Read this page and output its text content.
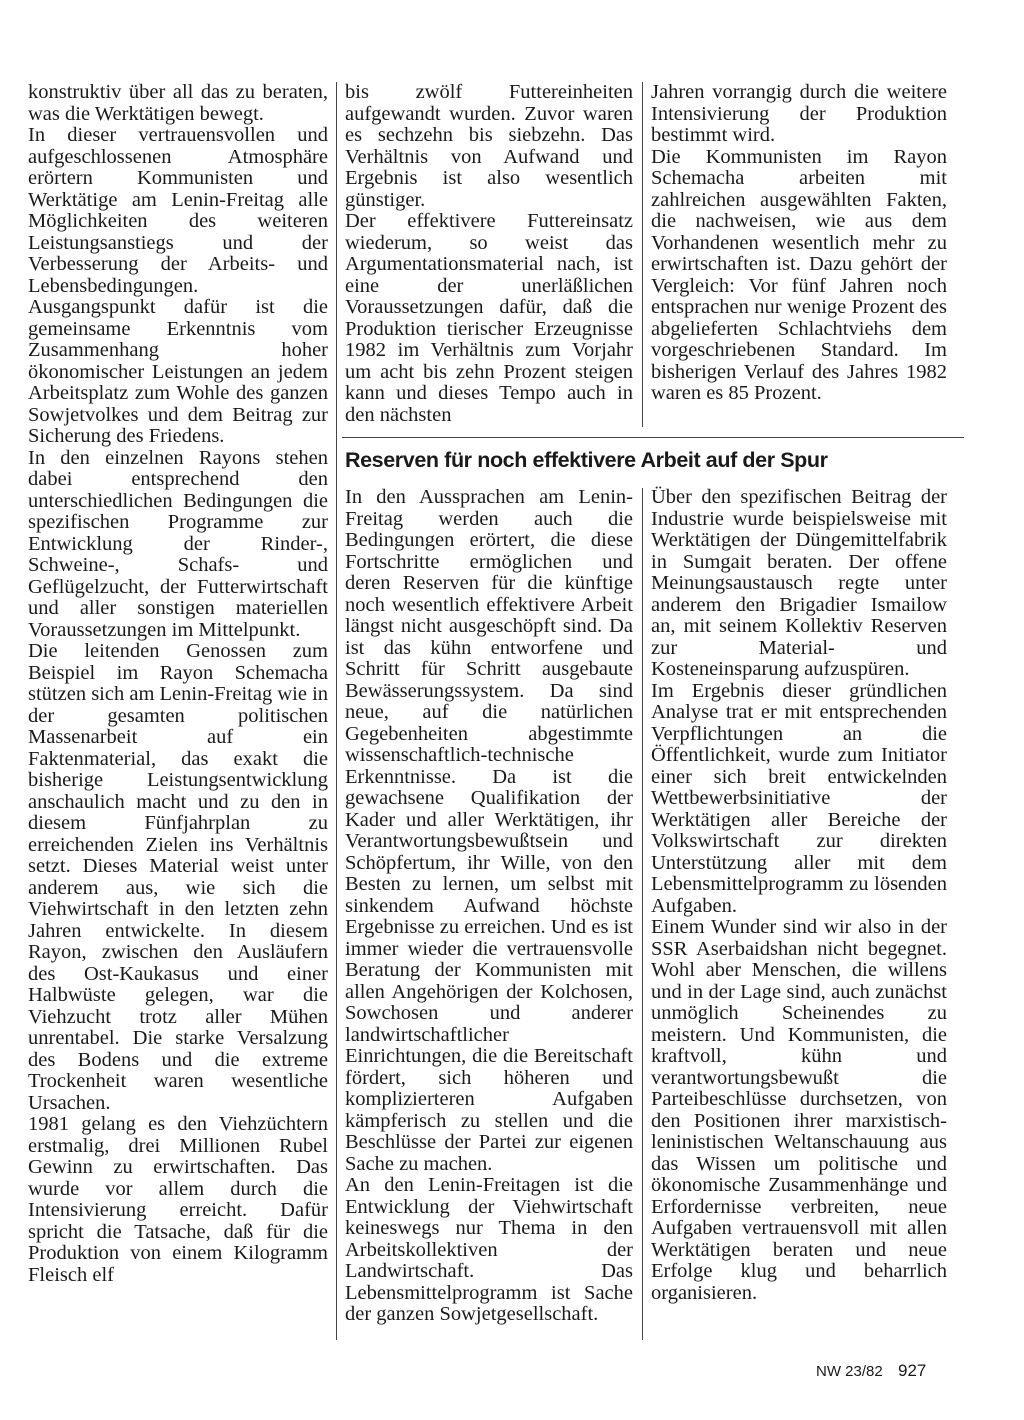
konstruktiv über all das zu beraten, was die Werktätigen bewegt.

In dieser vertrauensvollen und aufgeschlossenen Atmosphäre erörtern Kommunisten und Werktätige am Lenin-Freitag alle Möglichkeiten des weiteren Leistungsanstiegs und der Verbesserung der Arbeits- und Lebensbedingungen. Ausgangspunkt dafür ist die gemeinsame Erkenntnis vom Zusammenhang hoher ökonomischer Leistungen an jedem Arbeitsplatz zum Wohle des ganzen Sowjetvolkes und dem Beitrag zur Sicherung des Friedens.

In den einzelnen Rayons stehen dabei entsprechend den unterschiedlichen Bedingungen die spezifischen Programme zur Entwicklung der Rinder-, Schweine-, Schafs- und Geflügelzucht, der Futterwirtschaft und aller sonstigen materiellen Voraussetzungen im Mittelpunkt.

Die leitenden Genossen zum Beispiel im Rayon Schemacha stützen sich am Lenin-Freitag wie in der gesamten politischen Massenarbeit auf ein Faktenmaterial, das exakt die bisherige Leistungsentwicklung anschaulich macht und zu den in diesem Fünfjahrplan zu erreichenden Zielen ins Verhältnis setzt. Dieses Material weist unter anderem aus, wie sich die Viehwirtschaft in den letzten zehn Jahren entwickelte. In diesem Rayon, zwischen den Ausläufern des Ost-Kaukasus und einer Halbwüste gelegen, war die Viehzucht trotz aller Mühen unrentabel. Die starke Versalzung des Bodens und die extreme Trockenheit waren wesentliche Ursachen.

1981 gelang es den Viehzüchtern erstmalig, drei Millionen Rubel Gewinn zu erwirtschaften. Das wurde vor allem durch die Intensivierung erreicht. Dafür spricht die Tatsache, daß für die Produktion von einem Kilogramm Fleisch elf

bis zwölf Futtereinheiten aufgewandt wurden. Zuvor waren es sechzehn bis siebzehn. Das Verhältnis von Aufwand und Ergebnis ist also wesentlich günstiger.

Der effektivere Futtereinsatz wiederum, so weist das Argumentationsmaterial nach, ist eine der unerläßlichen Voraussetzungen dafür, daß die Produktion tierischer Erzeugnisse 1982 im Verhältnis zum Vorjahr um acht bis zehn Prozent steigen kann und dieses Tempo auch in den nächsten

Jahren vorrangig durch die weitere Intensivierung der Produktion bestimmt wird.

Die Kommunisten im Rayon Schemacha arbeiten mit zahlreichen ausgewählten Fakten, die nachweisen, wie aus dem Vorhandenen wesentlich mehr zu erwirtschaften ist. Dazu gehört der Vergleich: Vor fünf Jahren noch entsprachen nur wenige Prozent des abgelieferten Schlachtviehs dem vorgeschriebenen Standard. Im bisherigen Verlauf des Jahres 1982 waren es 85 Prozent.

Reserven für noch effektivere Arbeit auf der Spur

In den Aussprachen am Lenin-Freitag werden auch die Bedingungen erörtert, die diese Fortschritte ermöglichen und deren Reserven für die künftige noch wesentlich effektivere Arbeit längst nicht ausgeschöpft sind. Da ist das kühn entworfene und Schritt für Schritt ausgebaute Bewässerungssystem. Da sind neue, auf die natürlichen Gegebenheiten abgestimmte wissenschaftlich-technische Erkenntnisse. Da ist die gewachsene Qualifikation der Kader und aller Werktätigen, ihr Verantwortungsbewußtsein und Schöpfertum, ihr Wille, von den Besten zu lernen, um selbst mit sinkendem Aufwand höchste Ergebnisse zu erreichen. Und es ist immer wieder die vertrauensvolle Beratung der Kommunisten mit allen Angehörigen der Kolchosen, Sowchosen und anderer landwirtschaftlicher Einrichtungen, die die Bereitschaft fördert, sich höheren und komplizierteren Aufgaben kämpferisch zu stellen und die Beschlüsse der Partei zur eigenen Sache zu machen.

An den Lenin-Freitagen ist die Entwicklung der Viehwirtschaft keineswegs nur Thema in den Arbeitskollektiven der Landwirtschaft. Das Lebensmittelprogramm ist Sache der ganzen Sowjetgesellschaft.

Über den spezifischen Beitrag der Industrie wurde beispielsweise mit Werktätigen der Düngemittelfabrik in Sumgait beraten. Der offene Meinungsaustausch regte unter anderem den Brigadier Ismailow an, mit seinem Kollektiv Reserven zur Material- und Kosteneinsparung aufzuspüren.

Im Ergebnis dieser gründlichen Analyse trat er mit entsprechenden Verpflichtungen an die Öffentlichkeit, wurde zum Initiator einer sich breit entwickelnden Wettbewerbsinitiative der Werktätigen aller Bereiche der Volkswirtschaft zur direkten Unterstützung aller mit dem Lebensmittelprogramm zu lösenden Aufgaben.

Einem Wunder sind wir also in der SSR Aserbaidshan nicht begegnet. Wohl aber Menschen, die willens und in der Lage sind, auch zunächst unmöglich Scheinendes zu meistern. Und Kommunisten, die kraftvoll, kühn und verantwortungsbewußt die Parteibeschlüsse durchsetzen, von den Positionen ihrer marxistisch-leninistischen Weltanschauung aus das Wissen um politische und ökonomische Zusammenhänge und Erfordernisse verbreiten, neue Aufgaben vertrauensvoll mit allen Werktätigen beraten und neue Erfolge klug und beharrlich organisieren.

NW 23/82 927
